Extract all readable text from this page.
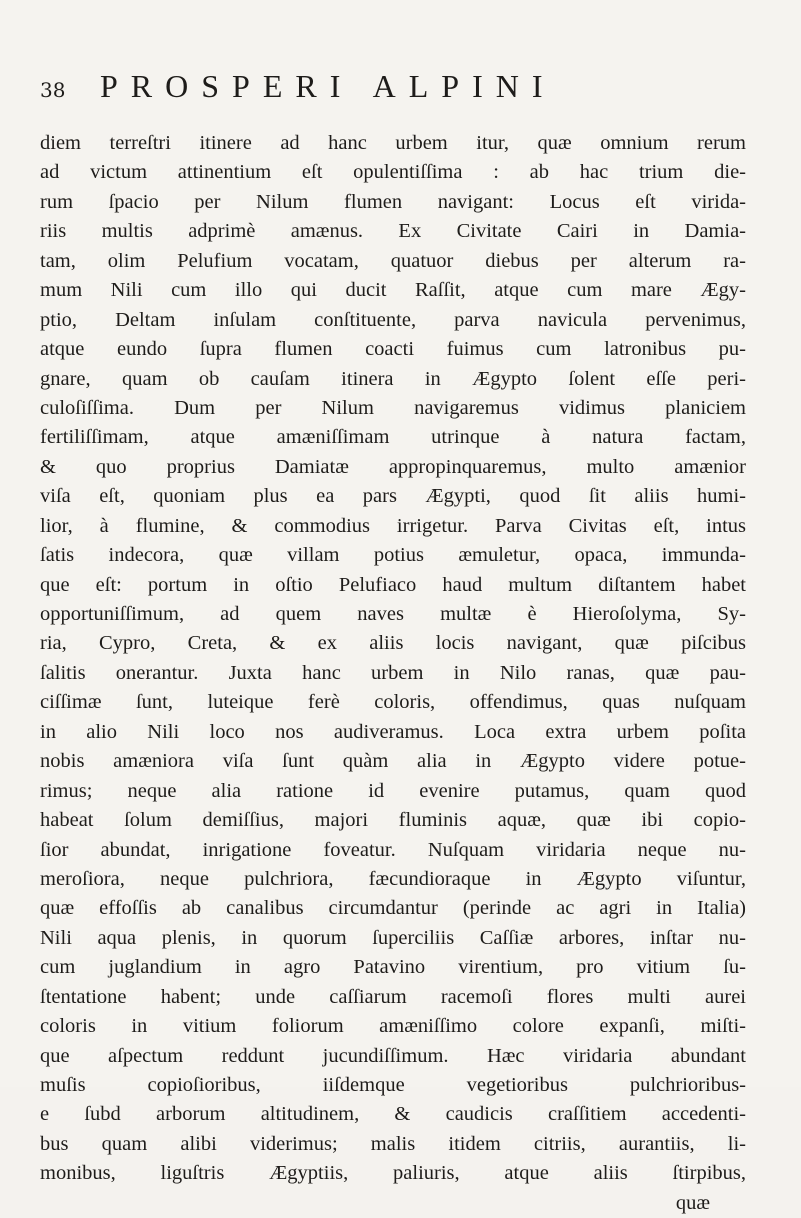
38 PROSPERI ALPINI
diem terreſtri itinere ad hanc urbem itur, quæ omnium rerum
ad victum attinentium eſt opulentiſſima : ab hac trium die-
rum ſpacio per Nilum flumen navigant: Locus eſt virida-
riis multis adprimè amænus. Ex Civitate Cairi in Damia-
tam, olim Pelufium vocatam, quatuor diebus per alterum ra-
mum Nili cum illo qui ducit Raſſit, atque cum mare Ægy-
ptio, Deltam inſulam conſtituente, parva navicula pervenimus,
atque eundo ſupra flumen coacti fuimus cum latronibus pu-
gnare, quam ob cauſam itinera in Ægypto ſolent eſſe peri-
culoſiſſima. Dum per Nilum navigaremus vidimus planiciem
fertiliſſimam, atque amæniſſimam utrinque à natura factam,
& quo proprius Damiatæ appropinquaremus, multo amænior
viſa eſt, quoniam plus ea pars Ægypti, quod ſit aliis humi-
lior, à flumine, & commodius irrigetur. Parva Civitas eſt, intus
ſatis indecora, quæ villam potius æmuletur, opaca, immunda-
que eſt: portum in oſtio Pelufiaco haud multum diſtantem habet
opportuniſſimum, ad quem naves multæ è Hieroſolyma, Sy-
ria, Cypro, Creta, & ex aliis locis navigant, quæ piſcibus
ſalitis onerantur. Juxta hanc urbem in Nilo ranas, quæ pau-
ciſſimæ ſunt, luteique ferè coloris, offendimus, quas nuſquam
in alio Nili loco nos audiveramus. Loca extra urbem poſita
nobis amæniora viſa ſunt quàm alia in Ægypto videre potue-
rimus; neque alia ratione id evenire putamus, quam quod
habeat ſolum demiſſius, majori fluminis aquæ, quæ ibi copio-
ſior abundat, inrigatione foveatur. Nuſquam viridaria neque nu-
meroſiora, neque pulchriora, fæcundioraque in Ægypto viſuntur,
quæ effoſſis ab canalibus circumdantur (perinde ac agri in Italia)
Nili aqua plenis, in quorum ſuperciliis Caſſiæ arbores, inſtar nu-
cum juglandium in agro Patavino virentium, pro vitium ſu-
ſtentatione habent; unde caſſiarum racemoſi flores multi aurei
coloris in vitium foliorum amæniſſimo colore expanſi, miſti-
que aſpectum reddunt jucundiſſimum. Hæc viridaria abundant
muſis copioſioribus, iiſdemque vegetioribus pulchrioribus-
e ſubd arborum altitudinem, & caudicis craſſitiem accedenti-
bus quam alibi viderimus; malis itidem citriis, aurantiis, li-
monibus, liguſtris Ægyptiis, paliuris, atque aliis ſtirpibus,
quæ
